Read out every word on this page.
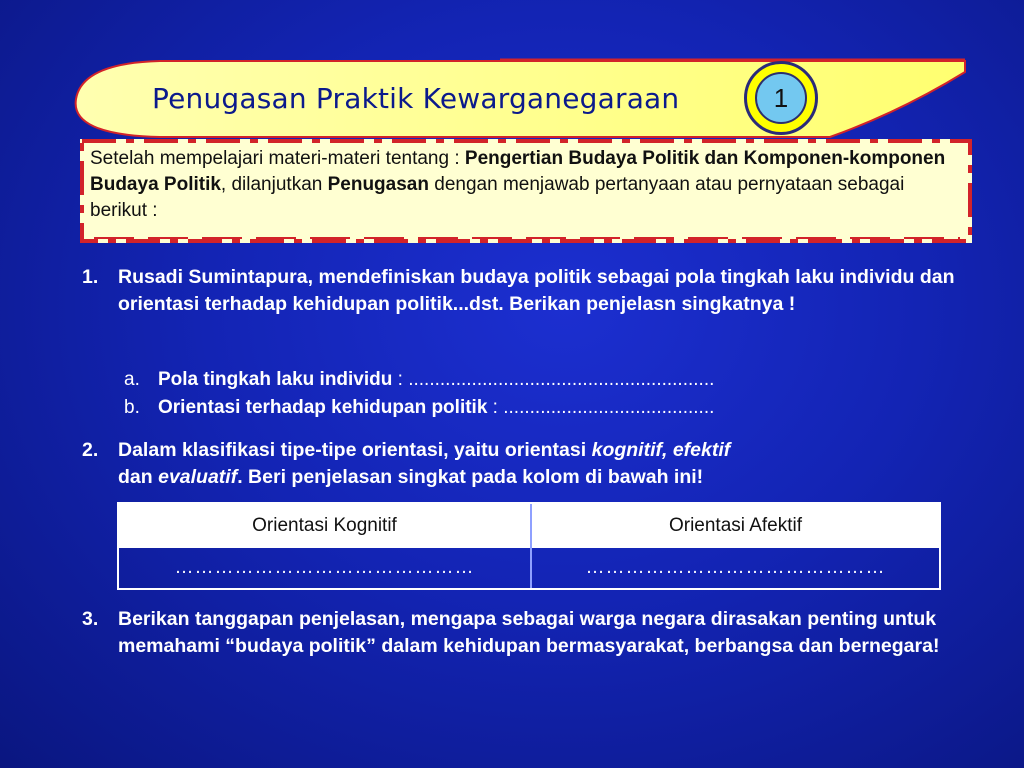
Penugasan Praktik Kewarganegaraan	1
Setelah mempelajari materi-materi tentang : Pengertian Budaya Politik dan Komponen-komponen Budaya Politik, dilanjutkan Penugasan dengan menjawab pertanyaan atau pernyataan sebagai berikut :
1. Rusadi Sumintapura, mendefiniskan budaya politik sebagai pola tingkah laku individu dan orientasi terhadap kehidupan politik...dst. Berikan penjelasn singkatnya !
a. Pola tingkah laku individu : ..........................................................
b. Orientasi terhadap kehidupan politik : ........................................
2. Dalam klasifikasi tipe-tipe orientasi, yaitu orientasi kognitif, efektif
dan evaluatif. Beri penjelasan singkat pada kolom di bawah ini!
Orientasi Kognitif	Orientasi Afektif
………………………………………	………………………………………
3. Berikan tanggapan penjelasan, mengapa sebagai warga negara dirasakan penting untuk memahami “budaya politik” dalam kehidupan bermasyarakat, berbangsa dan bernegara!
